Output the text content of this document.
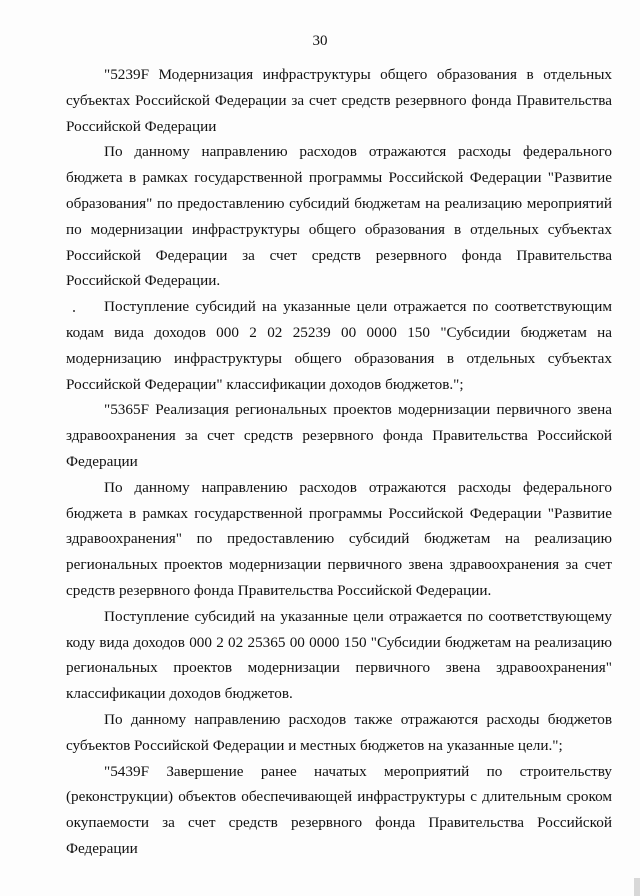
30

"5239F Модернизация инфраструктуры общего образования в отдельных субъектах Российской Федерации за счет средств резервного фонда Правительства Российской Федерации

По данному направлению расходов отражаются расходы федерального бюджета в рамках государственной программы Российской Федерации "Развитие образования" по предоставлению субсидий бюджетам на реализацию мероприятий по модернизации инфраструктуры общего образования в отдельных субъектах Российской Федерации за счет средств резервного фонда Правительства Российской Федерации.

Поступление субсидий на указанные цели отражается по соответствующим кодам вида доходов 000 2 02 25239 00 0000 150 "Субсидии бюджетам на модернизацию инфраструктуры общего образования в отдельных субъектах Российской Федерации" классификации доходов бюджетов.";

"5365F Реализация региональных проектов модернизации первичного звена здравоохранения за счет средств резервного фонда Правительства Российской Федерации

По данному направлению расходов отражаются расходы федерального бюджета в рамках государственной программы Российской Федерации "Развитие здравоохранения" по предоставлению субсидий бюджетам на реализацию региональных проектов модернизации первичного звена здравоохранения за счет средств резервного фонда Правительства Российской Федерации.

Поступление субсидий на указанные цели отражается по соответствующему коду вида доходов 000 2 02 25365 00 0000 150 "Субсидии бюджетам на реализацию региональных проектов модернизации первичного звена здравоохранения" классификации доходов бюджетов.

По данному направлению расходов также отражаются расходы бюджетов субъектов Российской Федерации и местных бюджетов на указанные цели.";

"5439F Завершение ранее начатых мероприятий по строительству (реконструкции) объектов обеспечивающей инфраструктуры с длительным сроком окупаемости за счет средств резервного фонда Правительства Российской Федерации
